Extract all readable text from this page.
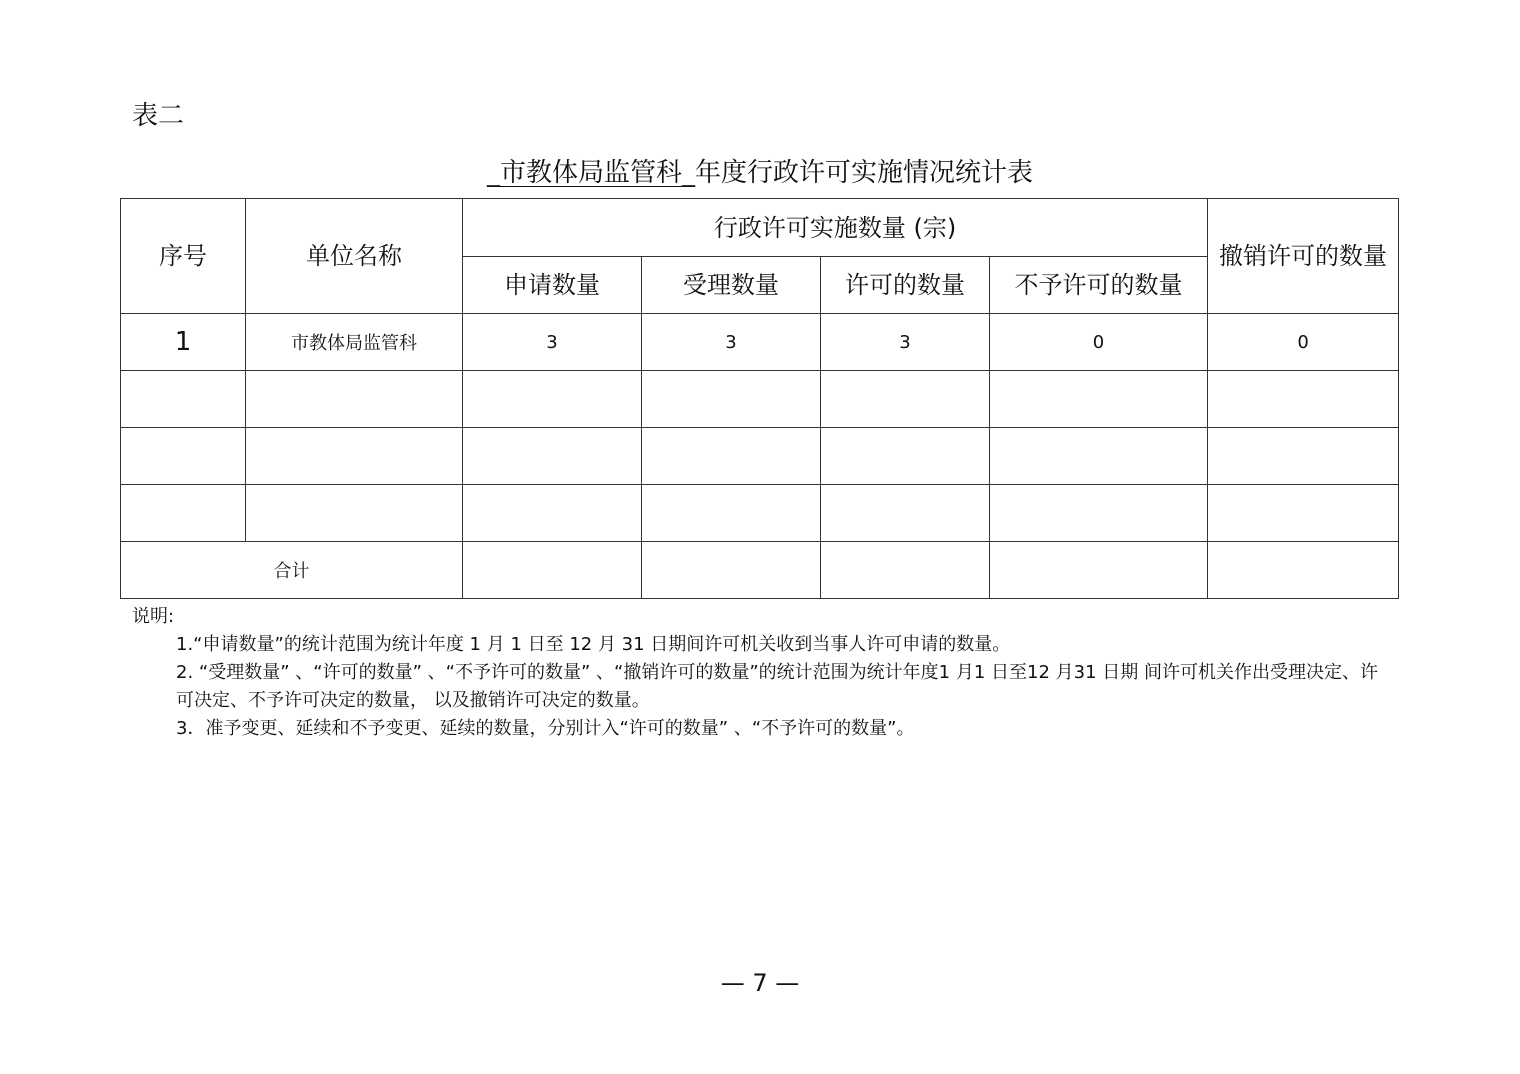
表二
_市教体局监管科_年度行政许可实施情况统计表
序号	单位名称	行政许可实施数量 (宗)				撤销许可的数量
		申请数量	受理数量	许可的数量	不予许可的数量	
1	市教体局监管科	3	3	3	0	0

合计						

说明:

1.“申请数量”的统计范围为统计年度 1 月 1 日至 12 月 31 日期间许可机关收到当事人许可申请的数量。

2. “受理数量” 、“许可的数量” 、“不予许可的数量” 、“撤销许可的数量”的统计范围为统计年度1 月1 日至12 月31 日期 间许可机关作出受理决定、许可决定、不予许可决定的数量， 以及撤销许可决定的数量。

3．准予变更、延续和不予变更、延续的数量，分别计入“许可的数量” 、“不予许可的数量”。

— 7 —
